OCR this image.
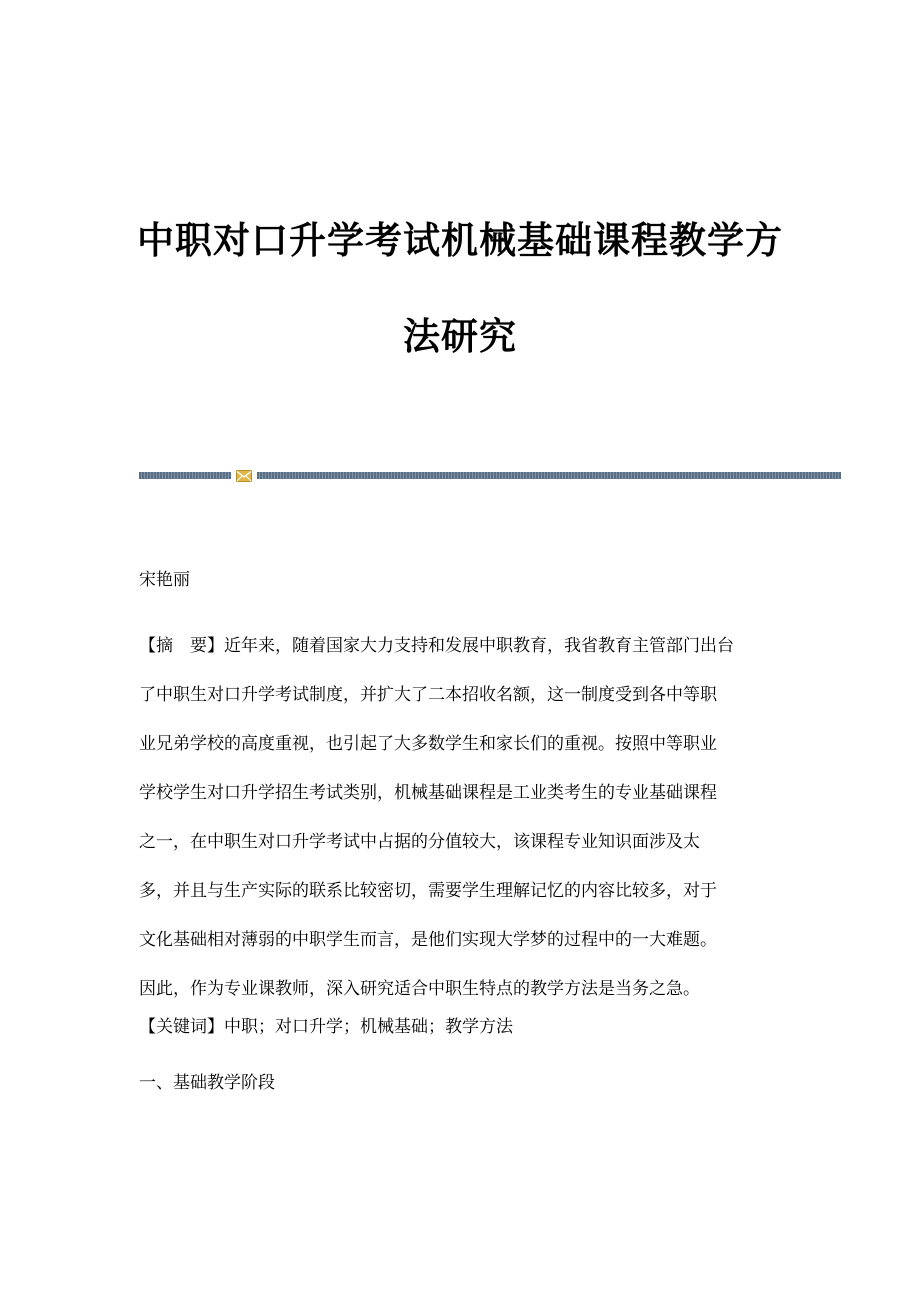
中职对口升学考试机械基础课程教学方
法研究

宋艳丽

【摘　要】近年来，随着国家大力支持和发展中职教育，我省教育主管部门出台
了中职生对口升学考试制度，并扩大了二本招收名额，这一制度受到各中等职
业兄弟学校的高度重视，也引起了大多数学生和家长们的重视。按照中等职业
学校学生对口升学招生考试类别，机械基础课程是工业类考生的专业基础课程
之一，在中职生对口升学考试中占据的分值较大，该课程专业知识面涉及太
多，并且与生产实际的联系比较密切，需要学生理解记忆的内容比较多，对于
文化基础相对薄弱的中职学生而言，是他们实现大学梦的过程中的一大难题。
因此，作为专业课教师，深入研究适合中职生特点的教学方法是当务之急。

【关键词】中职；对口升学；机械基础；教学方法

一、基础教学阶段
